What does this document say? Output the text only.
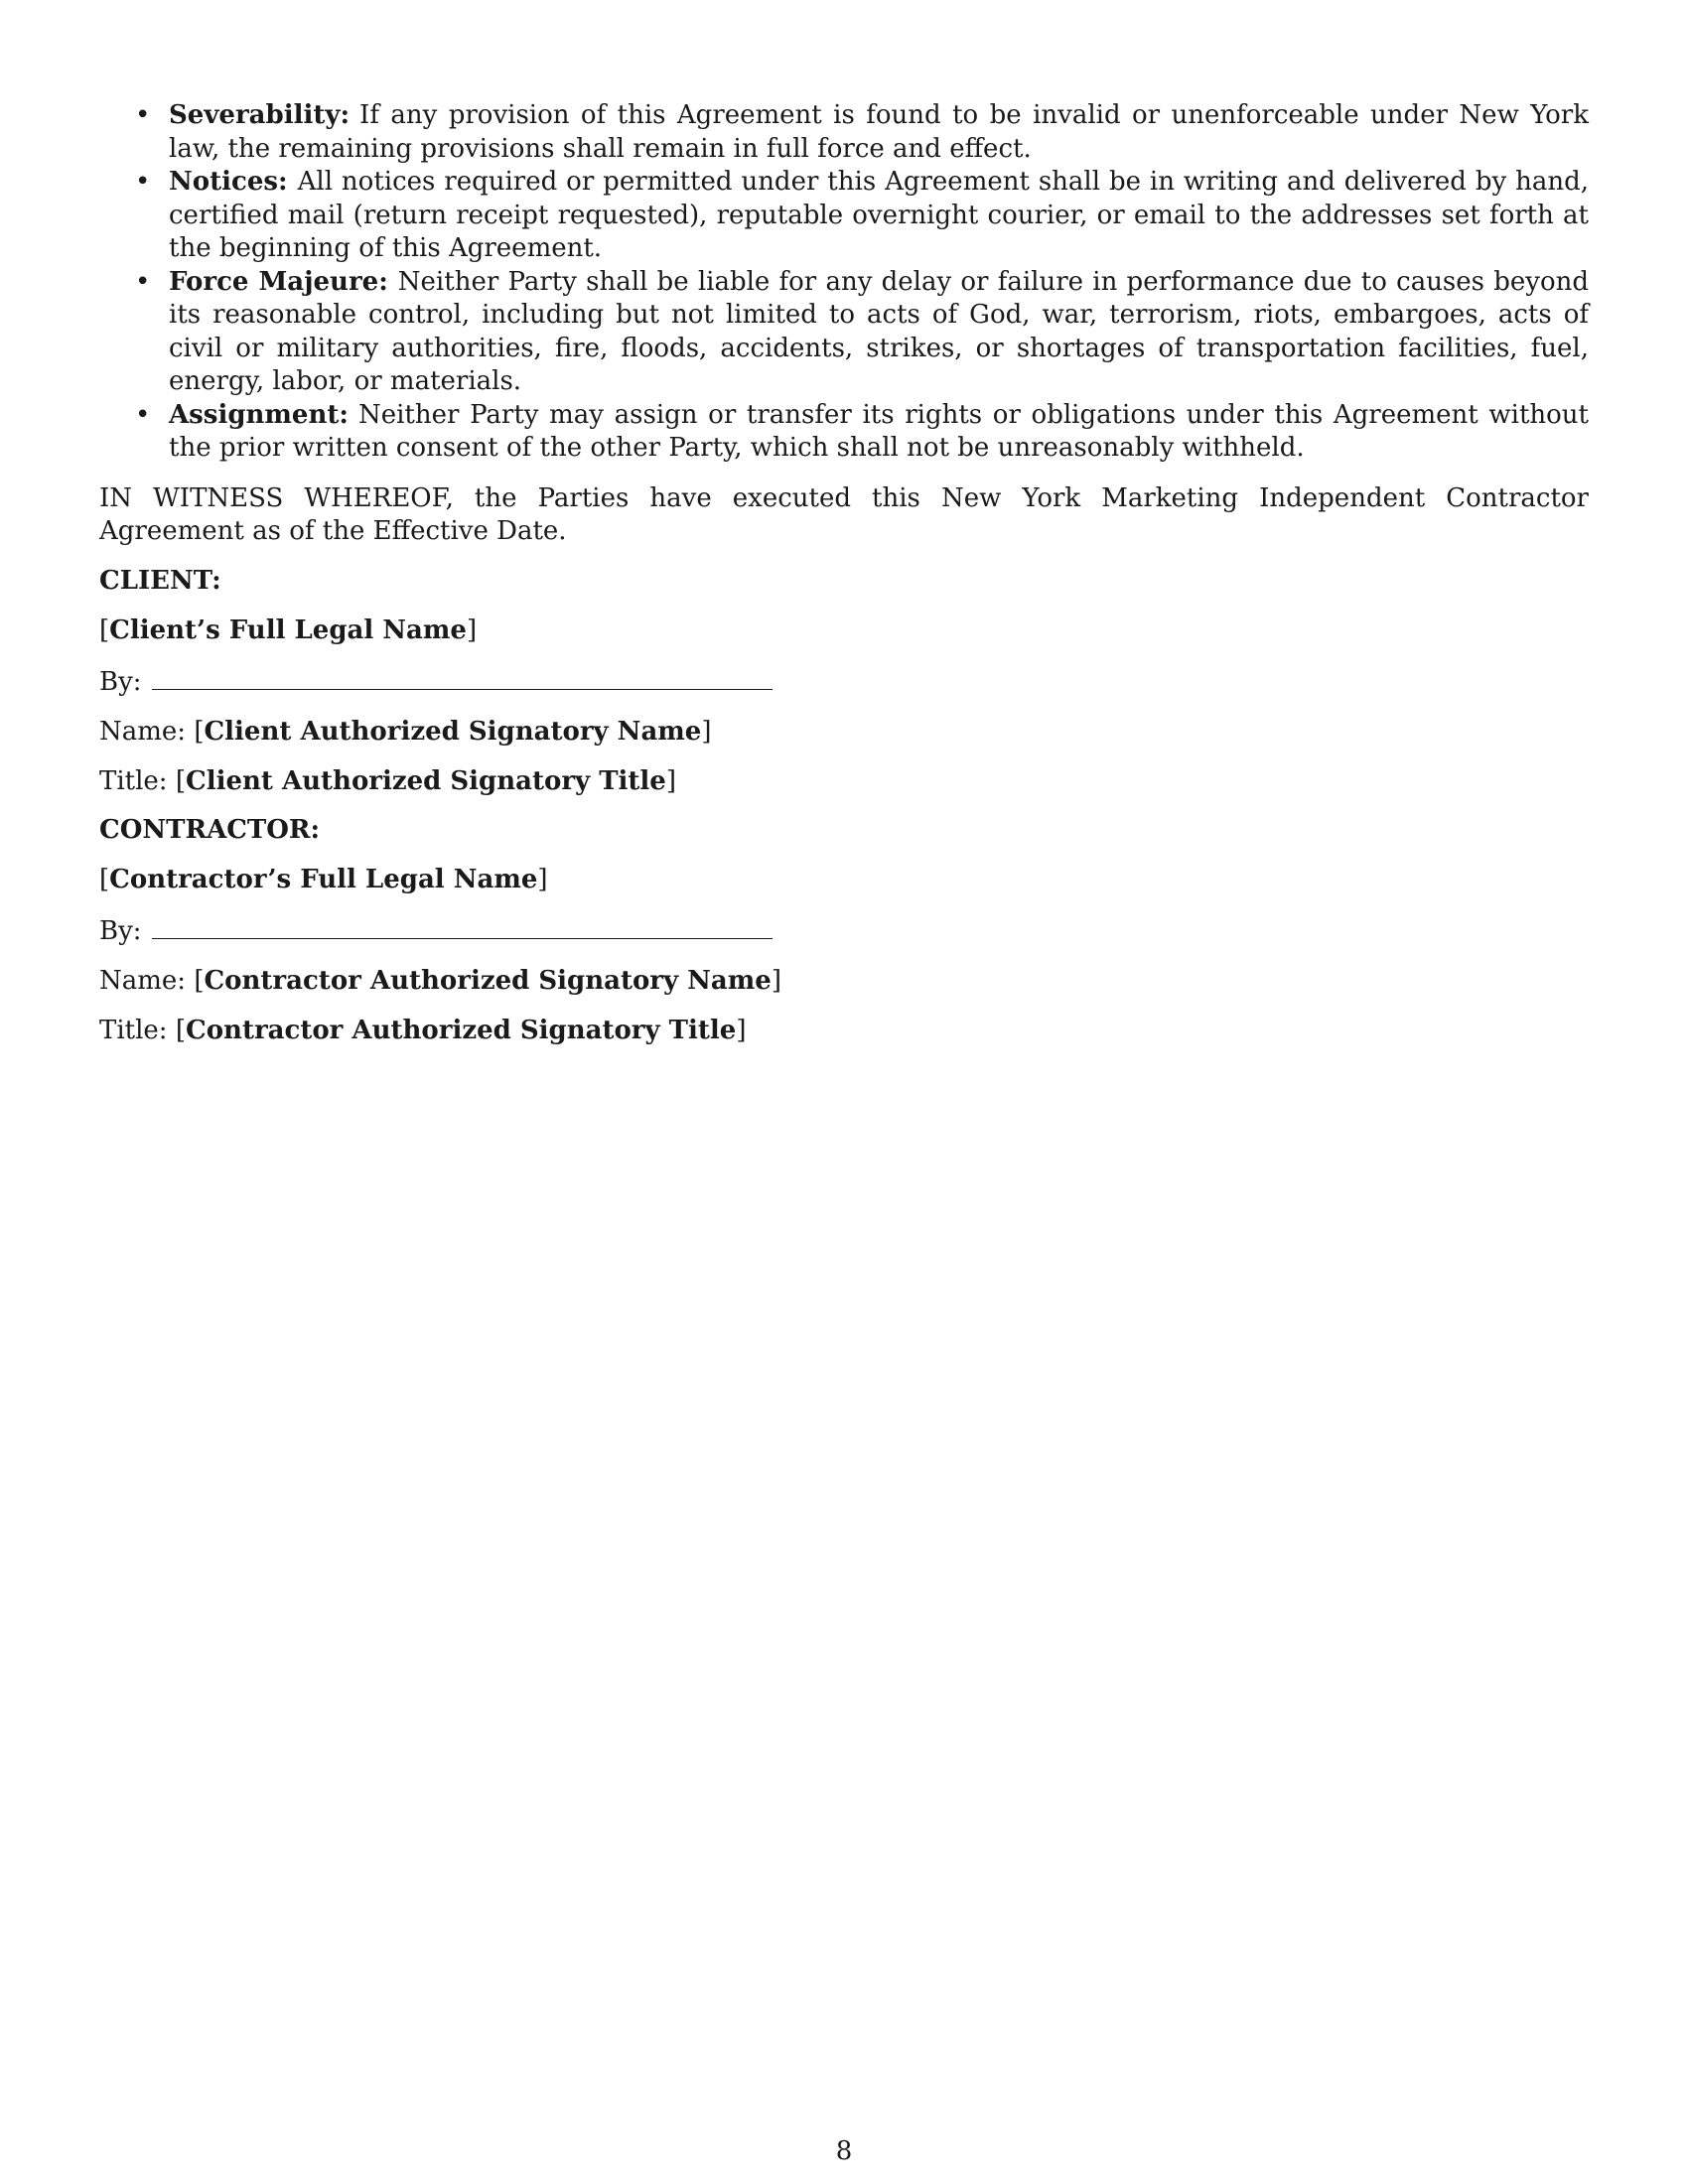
• Severability: If any provision of this Agreement is found to be invalid or unenforceable under New York law, the remaining provisions shall remain in full force and effect.
• Notices: All notices required or permitted under this Agreement shall be in writing and delivered by hand, certified mail (return receipt requested), reputable overnight courier, or email to the addresses set forth at the beginning of this Agreement.
• Force Majeure: Neither Party shall be liable for any delay or failure in performance due to causes beyond its reasonable control, including but not limited to acts of God, war, terrorism, riots, embargoes, acts of civil or military authorities, fire, floods, accidents, strikes, or shortages of transportation facilities, fuel, energy, labor, or materials.
• Assignment: Neither Party may assign or transfer its rights or obligations under this Agreement without the prior written consent of the other Party, which shall not be unreasonably withheld.

IN WITNESS WHEREOF, the Parties have executed this New York Marketing Independent Contractor Agreement as of the Effective Date.

CLIENT:

[Client’s Full Legal Name]

By:

Name: [Client Authorized Signatory Name]

Title: [Client Authorized Signatory Title]

CONTRACTOR:

[Contractor’s Full Legal Name]

By:

Name: [Contractor Authorized Signatory Name]

Title: [Contractor Authorized Signatory Title]

8
